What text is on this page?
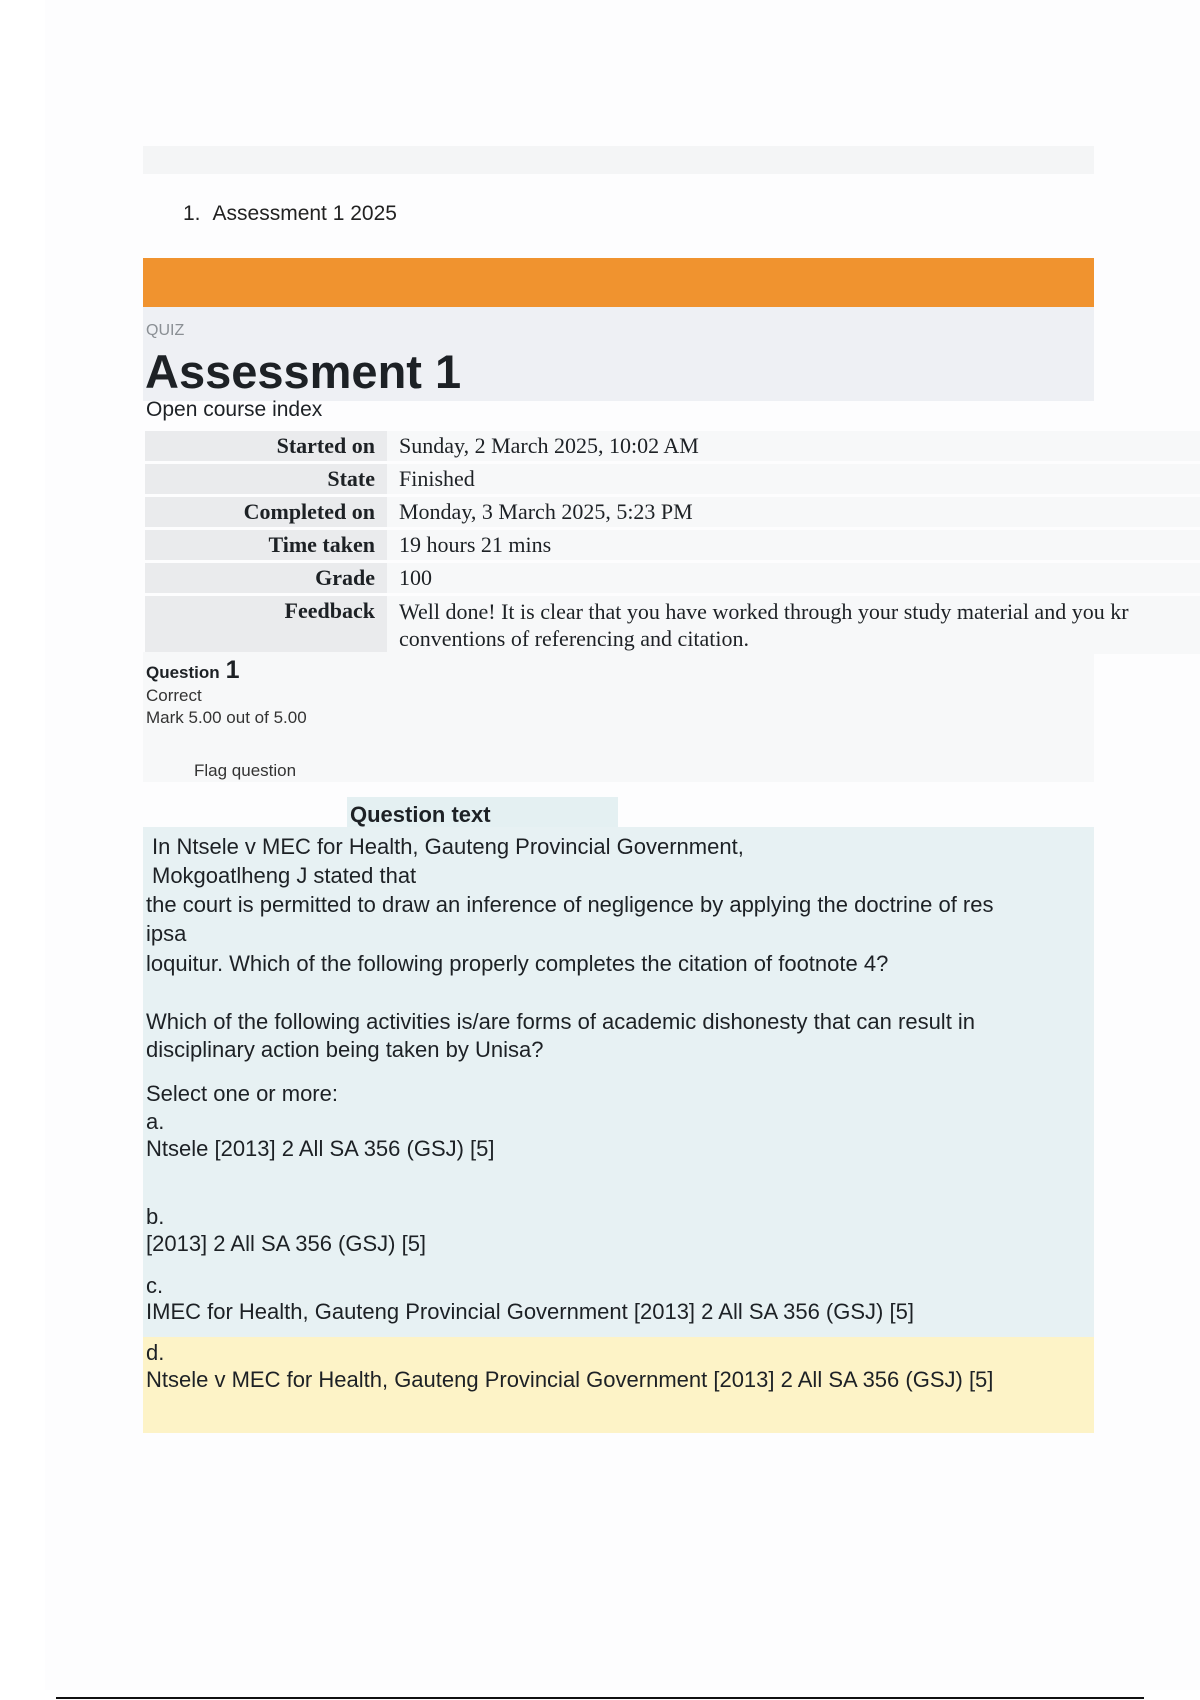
1. Assessment 1 2025
QUIZ
Assessment 1
Open course index
Started on	Sunday, 2 March 2025, 10:02 AM
State	Finished
Completed on	Monday, 3 March 2025, 5:23 PM
Time taken	19 hours 21 mins
Grade	100
Feedback	Well done! It is clear that you have worked through your study material and you kr
conventions of referencing and citation.
Question 1
Correct
Mark 5.00 out of 5.00
Flag question
Question text
In Ntsele v MEC for Health, Gauteng Provincial Government,
Mokgoatlheng J stated that
the court is permitted to draw an inference of negligence by applying the doctrine of res
ipsa
loquitur. Which of the following properly completes the citation of footnote 4?
Which of the following activities is/are forms of academic dishonesty that can result in
disciplinary action being taken by Unisa?
Select one or more:
a.
Ntsele [2013] 2 All SA 356 (GSJ) [5]
b.
[2013] 2 All SA 356 (GSJ) [5]
c.
IMEC for Health, Gauteng Provincial Government [2013] 2 All SA 356 (GSJ) [5]
d.
Ntsele v MEC for Health, Gauteng Provincial Government [2013] 2 All SA 356 (GSJ) [5]
